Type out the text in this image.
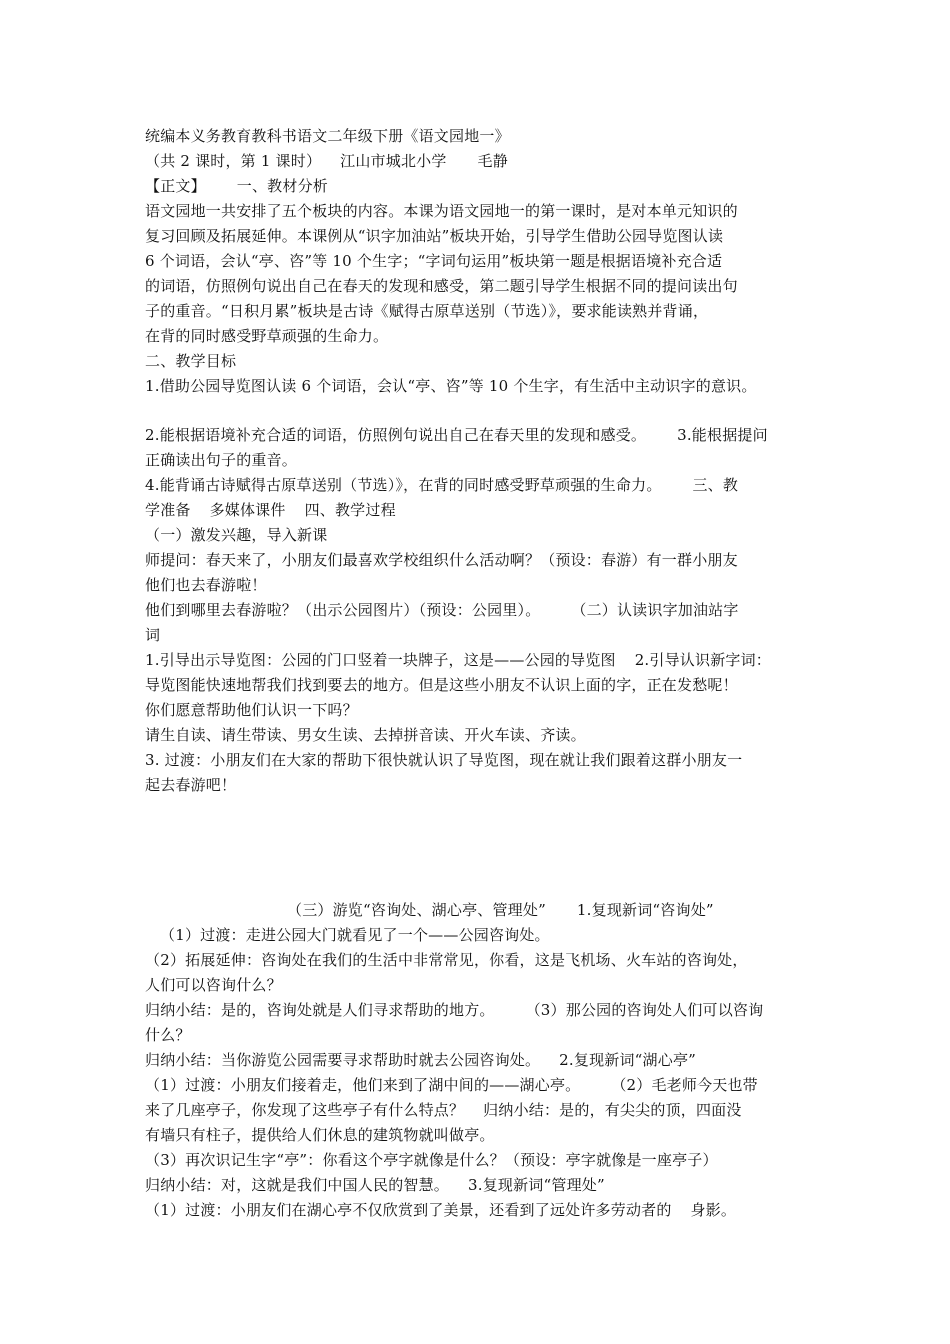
统编本义务教育教科书语文二年级下册《语文园地一》
（共 2 课时，第 1 课时） 江山市城北小学 毛静
【正文】 一、教材分析
语文园地一共安排了五个板块的内容。本课为语文园地一的第一课时，是对本单元知识的
复习回顾及拓展延伸。本课例从“识字加油站”板块开始，引导学生借助公园导览图认读
6 个词语，会认“亭、咨”等 10 个生字；“字词句运用”板块第一题是根据语境补充合适
的词语，仿照例句说出自己在春天的发现和感受，第二题引导学生根据不同的提问读出句
子的重音。“日积月累”板块是古诗《赋得古原草送别（节选）》，要求能读熟并背诵，
在背的同时感受野草顽强的生命力。
二、教学目标
1.借助公园导览图认读 6 个词语，会认“亭、咨”等 10 个生字，有生活中主动识字的意识。
2.能根据语境补充合适的词语，仿照例句说出自己在春天里的发现和感受。 3.能根据提问
正确读出句子的重音。
4.能背诵古诗赋得古原草送别（节选）》，在背的同时感受野草顽强的生命力。 三、教
学准备 多媒体课件 四、教学过程
（一）激发兴趣，导入新课
师提问：春天来了，小朋友们最喜欢学校组织什么活动啊？（预设：春游）有一群小朋友
他们也去春游啦！
他们到哪里去春游啦？（出示公园图片）（预设：公园里）。 （二）认读识字加油站字
词
1.引导出示导览图：公园的门口竖着一块牌子，这是——公园的导览图 2.引导认识新字词：
导览图能快速地帮我们找到要去的地方。但是这些小朋友不认识上面的字，正在发愁呢！
你们愿意帮助他们认识一下吗？
请生自读、请生带读、男女生读、去掉拼音读、开火车读、齐读。
3. 过渡：小朋友们在大家的帮助下很快就认识了导览图，现在就让我们跟着这群小朋友一
起去春游吧！
（三）游览“咨询处、湖心亭、管理处” 1.复现新词“咨询处”
（1）过渡：走进公园大门就看见了一个——公园咨询处。
（2）拓展延伸：咨询处在我们的生活中非常常见，你看，这是飞机场、火车站的咨询处，
人们可以咨询什么？
归纳小结：是的，咨询处就是人们寻求帮助的地方。 （3）那公园的咨询处人们可以咨询
什么？
归纳小结：当你游览公园需要寻求帮助时就去公园咨询处。 2.复现新词“湖心亭”
（1）过渡：小朋友们接着走，他们来到了湖中间的——湖心亭。 （2）毛老师今天也带
来了几座亭子，你发现了这些亭子有什么特点？ 归纳小结：是的，有尖尖的顶，四面没
有墙只有柱子，提供给人们休息的建筑物就叫做亭。
（3）再次识记生字“亭”：你看这个亭字就像是什么？（预设：亭字就像是一座亭子）
归纳小结：对，这就是我们中国人民的智慧。 3.复现新词“管理处”
（1）过渡：小朋友们在湖心亭不仅欣赏到了美景，还看到了远处许多劳动者的 身影。
